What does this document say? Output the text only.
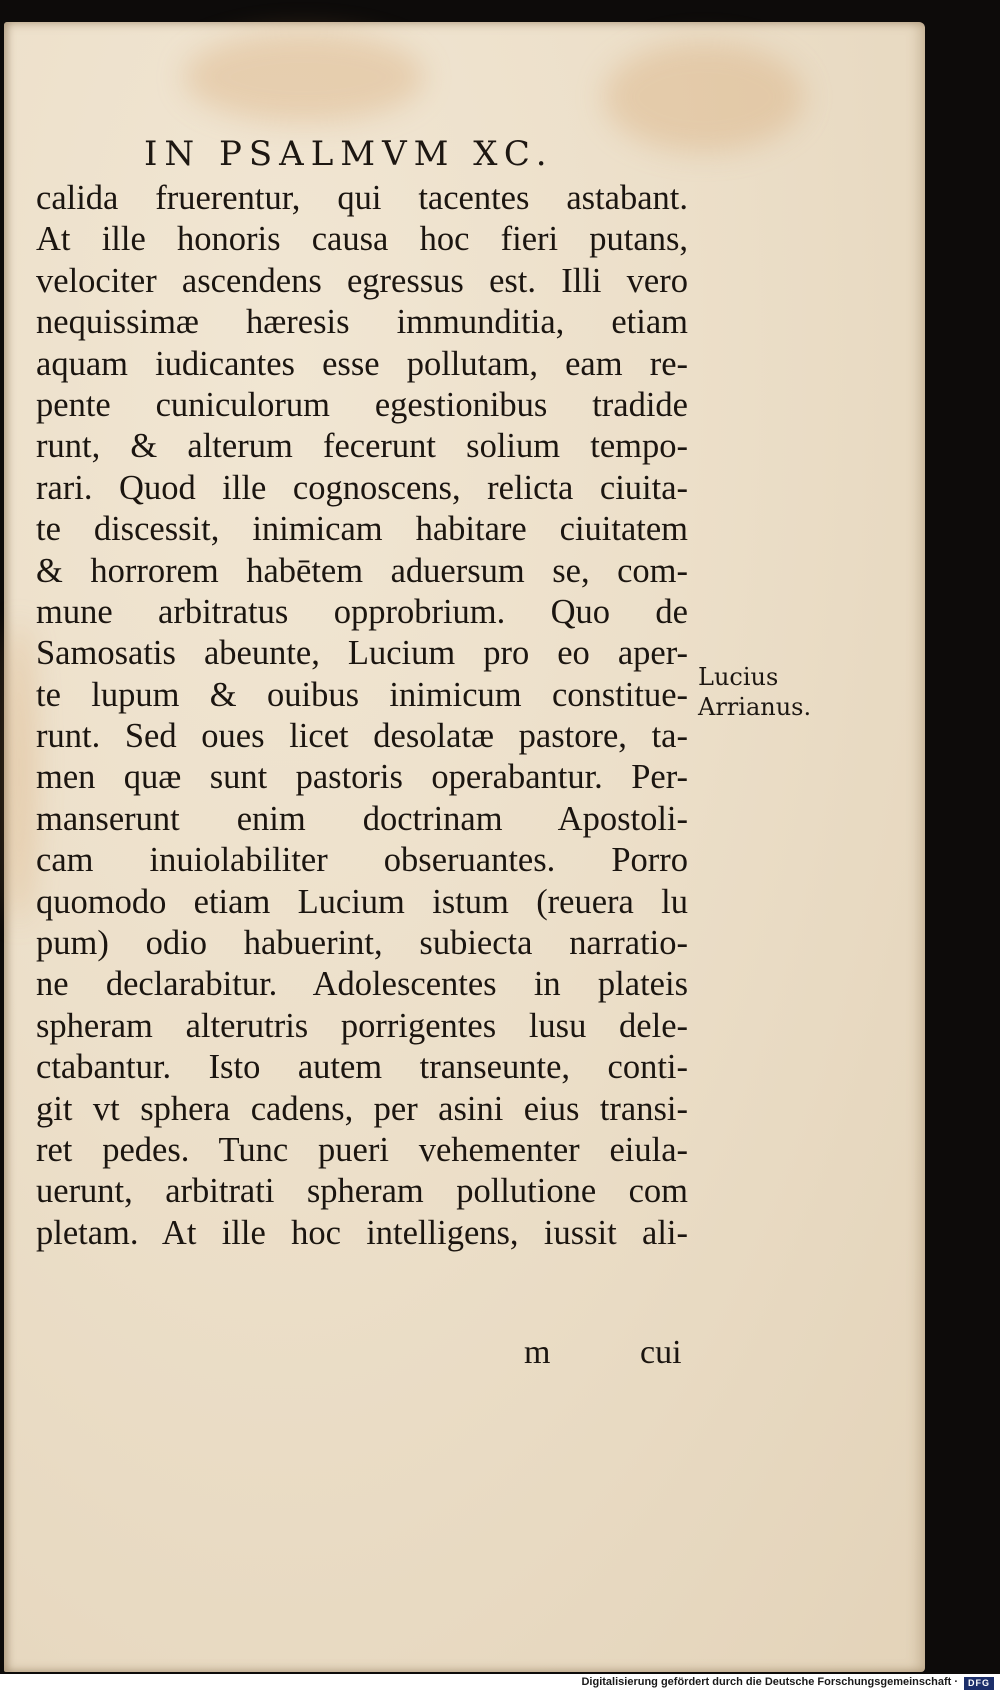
IN PSALMVM XC.
calida fruerentur, qui tacentes astabant.
At ille honoris causa hoc fieri putans,
velociter ascendens egressus est. Illi vero
nequissimæ hæresis immunditia, etiam
aquam iudicantes esse pollutam, eam re-
pente cuniculorum egestionibus tradide
runt, & alterum fecerunt solium tempo-
rari. Quod ille cognoscens, relicta ciuita-
te discessit, inimicam habitare ciuitatem
& horrorem habētem aduersum se, com-
mune arbitratus opprobrium. Quo de
Samosatis abeunte, Lucium pro eo aper-
te lupum & ouibus inimicum constitue-
runt. Sed oues licet desolatæ pastore, ta-
men quæ sunt pastoris operabantur. Per-
manserunt enim doctrinam Apostoli-
cam inuiolabiliter obseruantes. Porro
quomodo etiam Lucium istum (reuera lu
pum) odio habuerint, subiecta narratio-
ne declarabitur. Adolescentes in plateis
spheram alterutris porrigentes lusu dele-
ctabantur. Isto autem transeunte, conti-
git vt sphera cadens, per asini eius transi-
ret pedes. Tunc pueri vehementer eiula-
uerunt, arbitrati spheram pollutione com
pletam. At ille hoc intelligens, iussit ali-
m	cui
Lucius
Arrianus.
Digitalisierung gefördert durch die Deutsche Forschungsgemeinschaft ·	DFG
